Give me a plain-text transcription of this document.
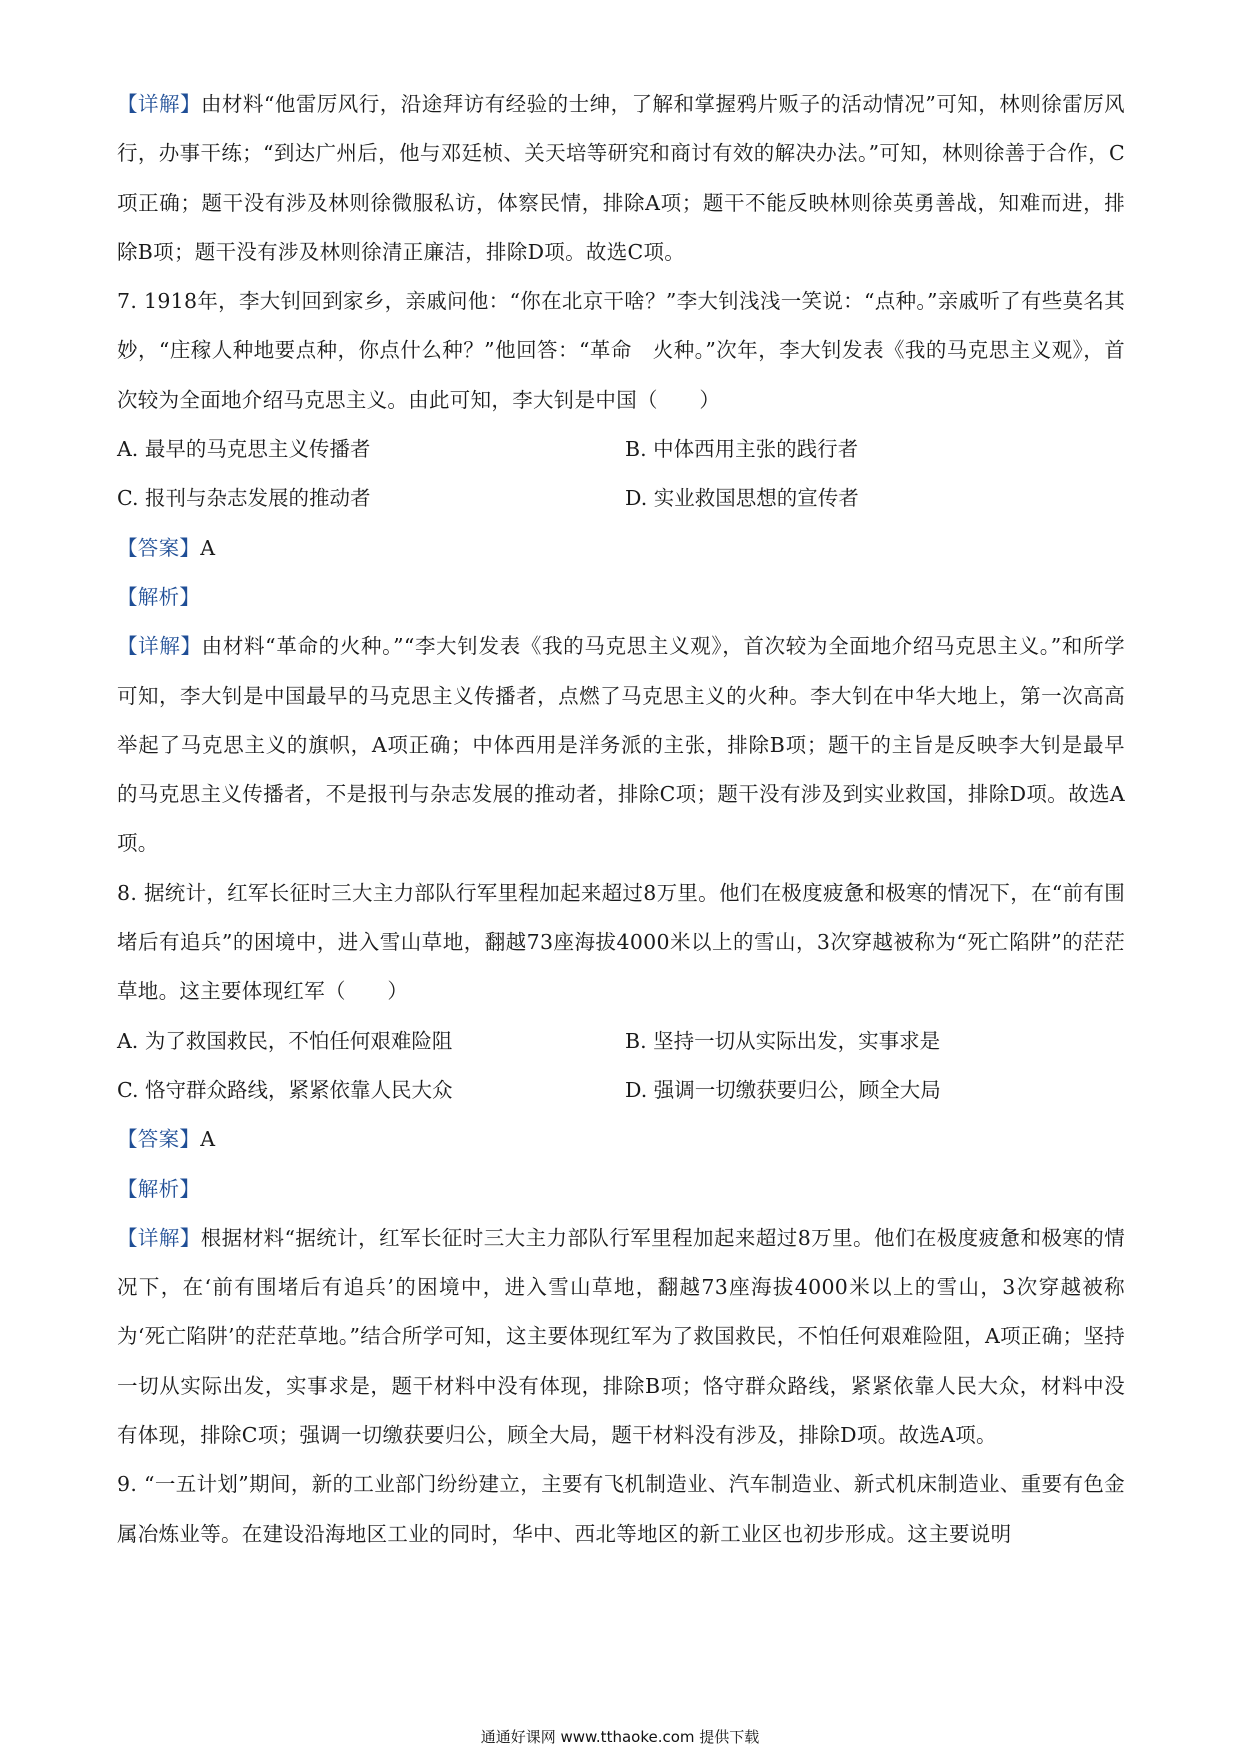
【详解】由材料“他雷厉风行，沿途拜访有经验的士绅，了解和掌握鸦片贩子的活动情况”可知，林则徐雷厉风行，办事干练；“到达广州后，他与邓廷桢、关天培等研究和商讨有效的解决办法。”可知，林则徐善于合作，C项正确；题干没有涉及林则徐微服私访，体察民情，排除A项；题干不能反映林则徐英勇善战，知难而进，排除B项；题干没有涉及林则徐清正廉洁，排除D项。故选C项。

7. 1918年，李大钊回到家乡，亲戚问他：“你在北京干啥？”李大钊浅浅一笑说：“点种。”亲戚听了有些莫名其妙，“庄稼人种地要点种，你点什么种？”他回答：“革命　火种。”次年，李大钊发表《我的马克思主义观》，首次较为全面地介绍马克思主义。由此可知，李大钊是中国（　　）

A. 最早的马克思主义传播者	B. 中体西用主张的践行者
C. 报刊与杂志发展的推动者	D. 实业救国思想的宣传者

【答案】A

【解析】

【详解】由材料“革命的火种。”“李大钊发表《我的马克思主义观》，首次较为全面地介绍马克思主义。”和所学可知，李大钊是中国最早的马克思主义传播者，点燃了马克思主义的火种。李大钊在中华大地上，第一次高高举起了马克思主义的旗帜，A项正确；中体西用是洋务派的主张，排除B项；题干的主旨是反映李大钊是最早的马克思主义传播者，不是报刊与杂志发展的推动者，排除C项；题干没有涉及到实业救国，排除D项。故选A项。

8. 据统计，红军长征时三大主力部队行军里程加起来超过8万里。他们在极度疲惫和极寒的情况下，在“前有围堵后有追兵”的困境中，进入雪山草地，翻越73座海拔4000米以上的雪山，3次穿越被称为“死亡陷阱”的茫茫草地。这主要体现红军（　　）

A. 为了救国救民，不怕任何艰难险阻	B. 坚持一切从实际出发，实事求是
C. 恪守群众路线，紧紧依靠人民大众	D. 强调一切缴获要归公，顾全大局

【答案】A

【解析】

【详解】根据材料“据统计，红军长征时三大主力部队行军里程加起来超过8万里。他们在极度疲惫和极寒的情况下，在‘前有围堵后有追兵’的困境中，进入雪山草地，翻越73座海拔4000米以上的雪山，3次穿越被称为‘死亡陷阱’的茫茫草地。”结合所学可知，这主要体现红军为了救国救民，不怕任何艰难险阻，A项正确；坚持一切从实际出发，实事求是，题干材料中没有体现，排除B项；恪守群众路线，紧紧依靠人民大众，材料中没有体现，排除C项；强调一切缴获要归公，顾全大局，题干材料没有涉及，排除D项。故选A项。

9. “一五计划”期间，新的工业部门纷纷建立，主要有飞机制造业、汽车制造业、新式机床制造业、重要有色金属冶炼业等。在建设沿海地区工业的同时，华中、西北等地区的新工业区也初步形成。这主要说明

通通好课网 www.tthaoke.com 提供下载
